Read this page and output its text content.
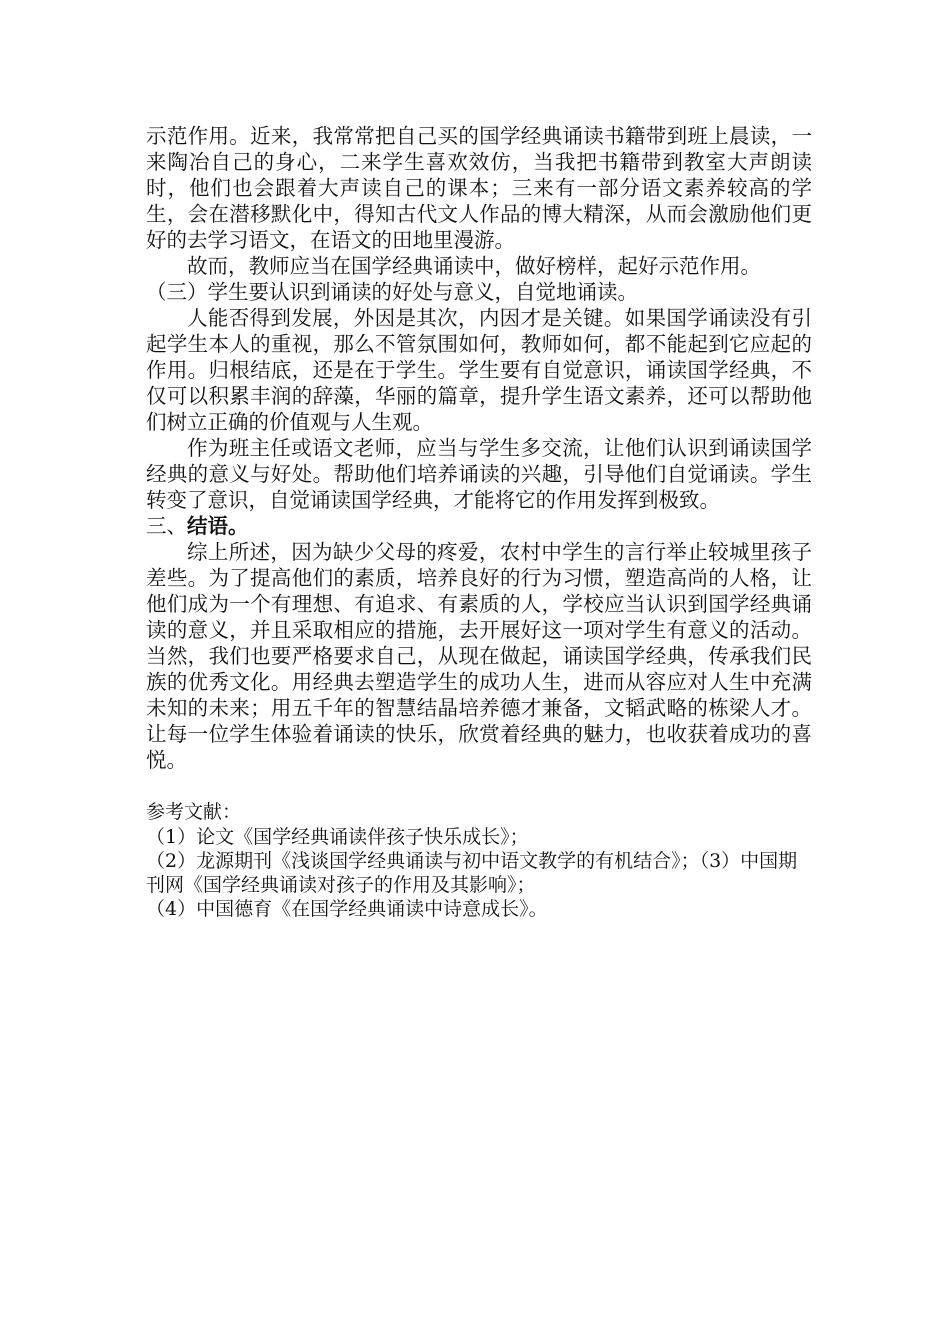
示范作用。近来，我常常把自己买的国学经典诵读书籍带到班上晨读，一来陶冶自己的身心，二来学生喜欢效仿，当我把书籍带到教室大声朗读时，他们也会跟着大声读自己的课本；三来有一部分语文素养较高的学生，会在潜移默化中，得知古代文人作品的博大精深，从而会激励他们更好的去学习语文，在语文的田地里漫游。

故而，教师应当在国学经典诵读中，做好榜样，起好示范作用。

（三）学生要认识到诵读的好处与意义，自觉地诵读。

人能否得到发展，外因是其次，内因才是关键。如果国学诵读没有引起学生本人的重视，那么不管氛围如何，教师如何，都不能起到它应起的作用。归根结底，还是在于学生。学生要有自觉意识，诵读国学经典，不仅可以积累丰润的辞藻，华丽的篇章，提升学生语文素养，还可以帮助他们树立正确的价值观与人生观。

作为班主任或语文老师，应当与学生多交流，让他们认识到诵读国学经典的意义与好处。帮助他们培养诵读的兴趣，引导他们自觉诵读。学生转变了意识，自觉诵读国学经典，才能将它的作用发挥到极致。

三、结语。

综上所述，因为缺少父母的疼爱，农村中学生的言行举止较城里孩子差些。为了提高他们的素质，培养良好的行为习惯，塑造高尚的人格，让他们成为一个有理想、有追求、有素质的人，学校应当认识到国学经典诵读的意义，并且采取相应的措施，去开展好这一项对学生有意义的活动。当然，我们也要严格要求自己，从现在做起，诵读国学经典，传承我们民族的优秀文化。用经典去塑造学生的成功人生，进而从容应对人生中充满未知的未来；用五千年的智慧结晶培养德才兼备，文韬武略的栋梁人才。让每一位学生体验着诵读的快乐，欣赏着经典的魅力，也收获着成功的喜悦。

参考文献：

（1）论文《国学经典诵读伴孩子快乐成长》；

（2）龙源期刊《浅谈国学经典诵读与初中语文教学的有机结合》；（3）中国期刊网《国学经典诵读对孩子的作用及其影响》；

（4）中国德育《在国学经典诵读中诗意成长》。
